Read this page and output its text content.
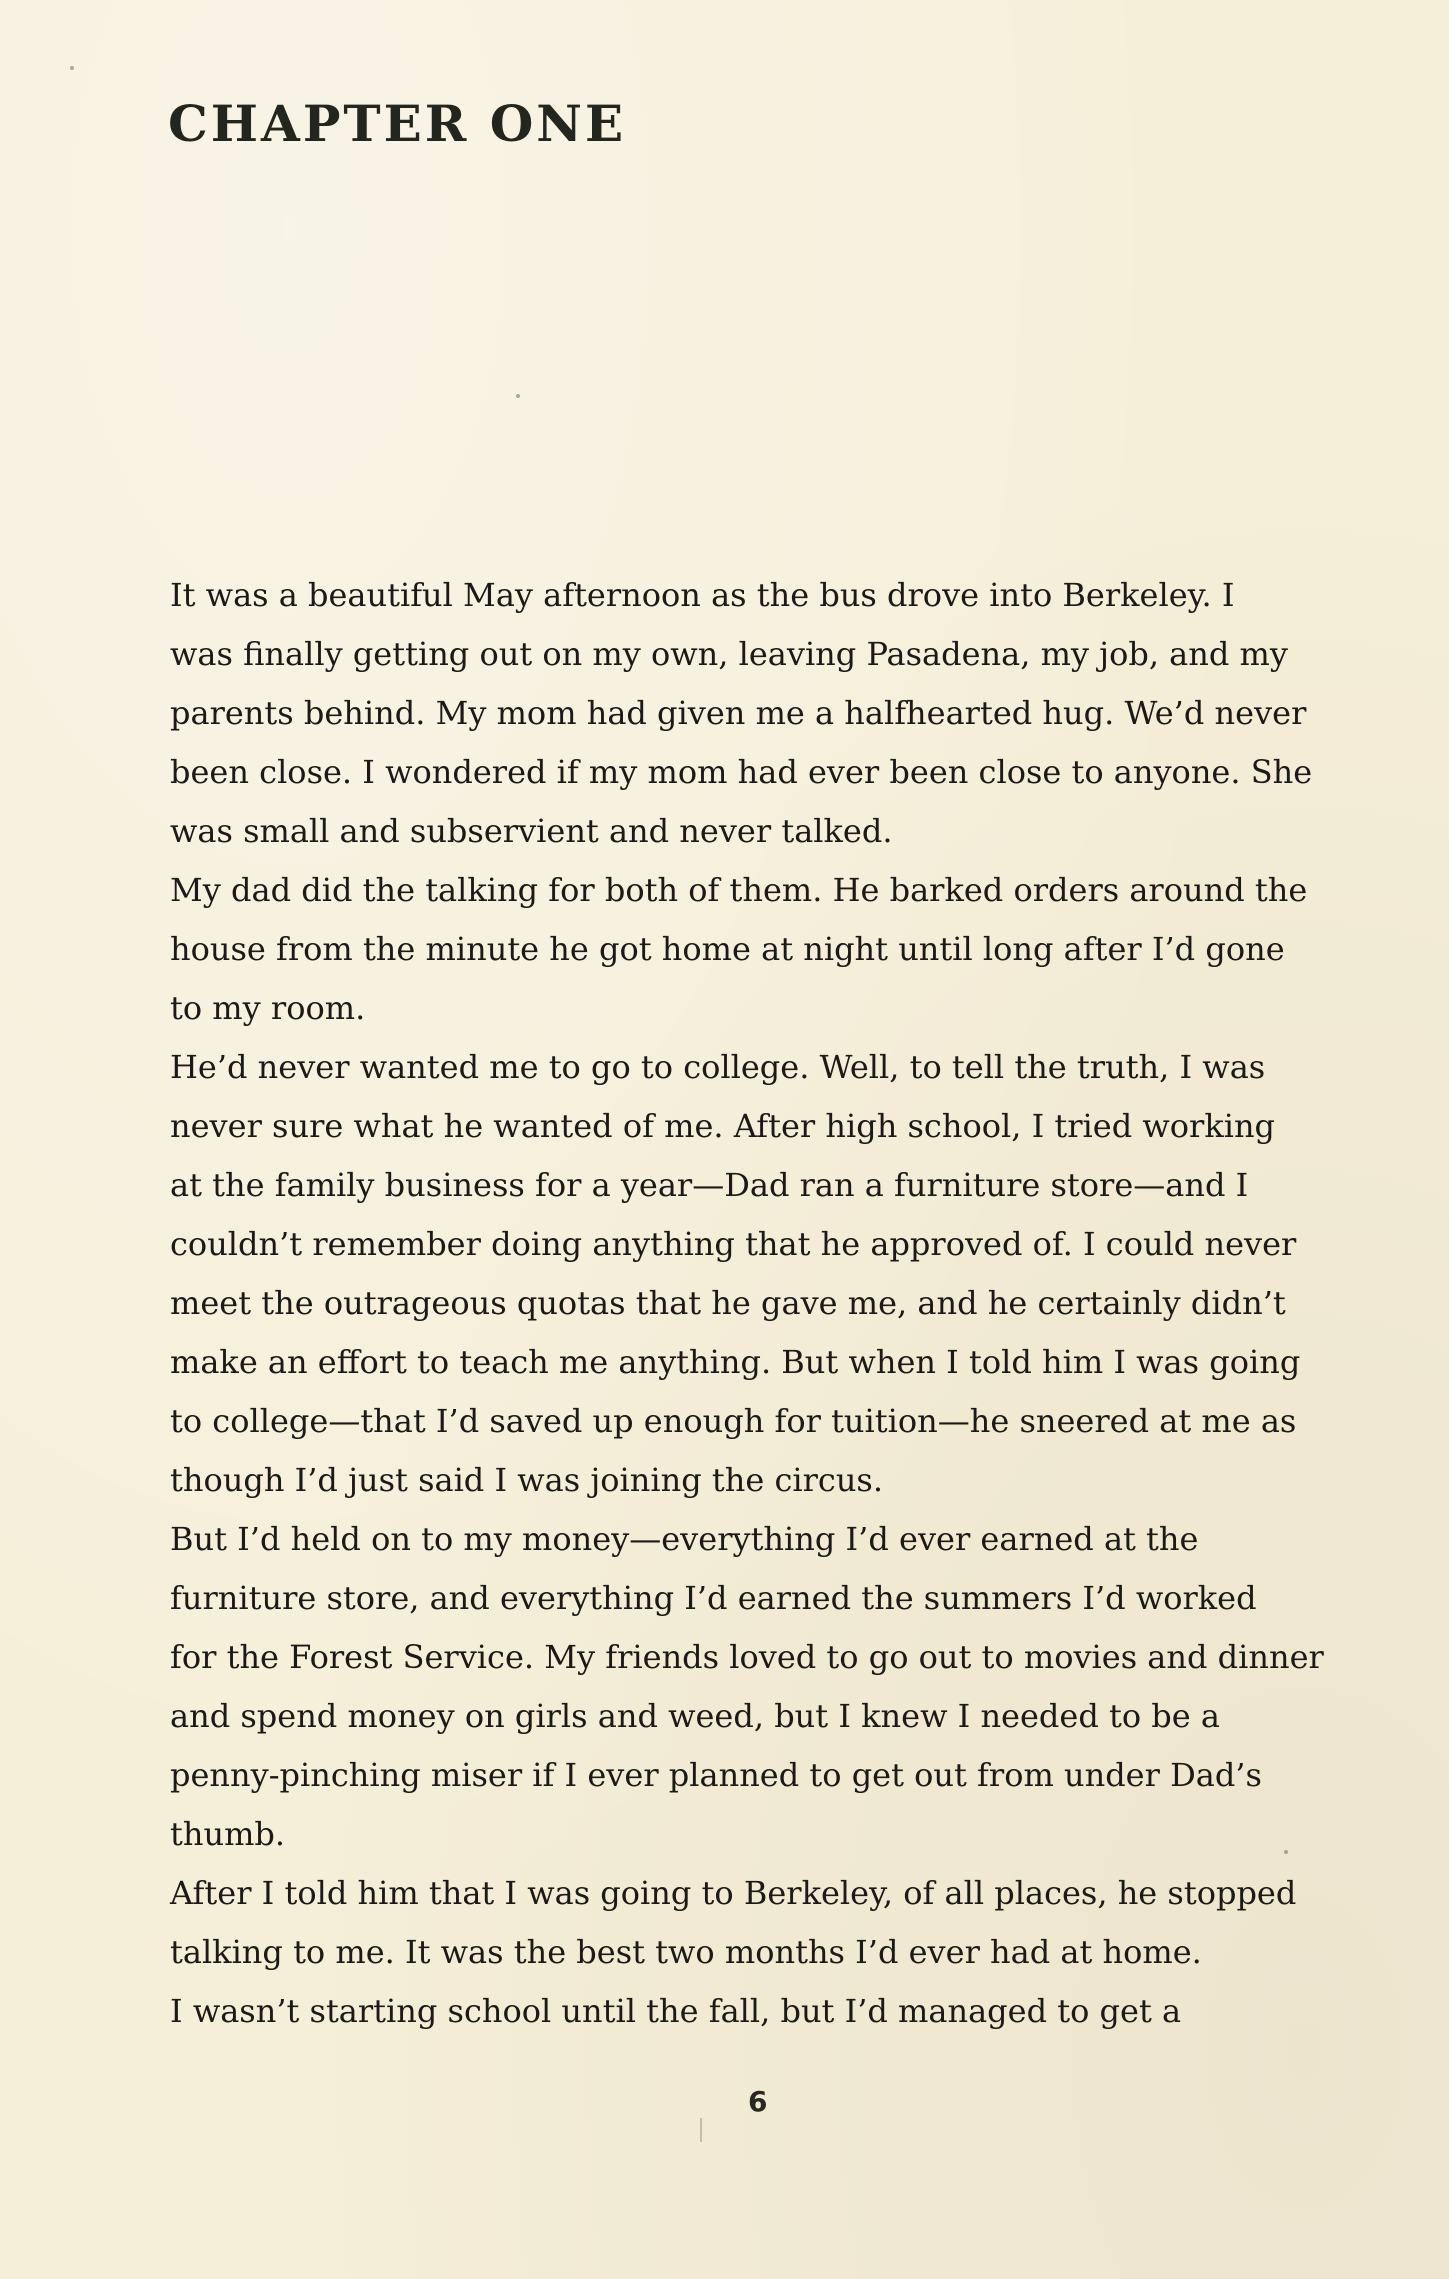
CHAPTER ONE
It was a beautiful May afternoon as the bus drove into Berkeley. I
was finally getting out on my own, leaving Pasadena, my job, and my
parents behind. My mom had given me a halfhearted hug. We’d never
been close. I wondered if my mom had ever been close to anyone. She
was small and subservient and never talked.
My dad did the talking for both of them. He barked orders around the
house from the minute he got home at night until long after I’d gone
to my room.
He’d never wanted me to go to college. Well, to tell the truth, I was
never sure what he wanted of me. After high school, I tried working
at the family business for a year—Dad ran a furniture store—and I
couldn’t remember doing anything that he approved of. I could never
meet the outrageous quotas that he gave me, and he certainly didn’t
make an effort to teach me anything. But when I told him I was going
to college—that I’d saved up enough for tuition—he sneered at me as
though I’d just said I was joining the circus.
But I’d held on to my money—everything I’d ever earned at the
furniture store, and everything I’d earned the summers I’d worked
for the Forest Service. My friends loved to go out to movies and dinner
and spend money on girls and weed, but I knew I needed to be a
penny-pinching miser if I ever planned to get out from under Dad’s
thumb.
After I told him that I was going to Berkeley, of all places, he stopped
talking to me. It was the best two months I’d ever had at home.
I wasn’t starting school until the fall, but I’d managed to get a
6
